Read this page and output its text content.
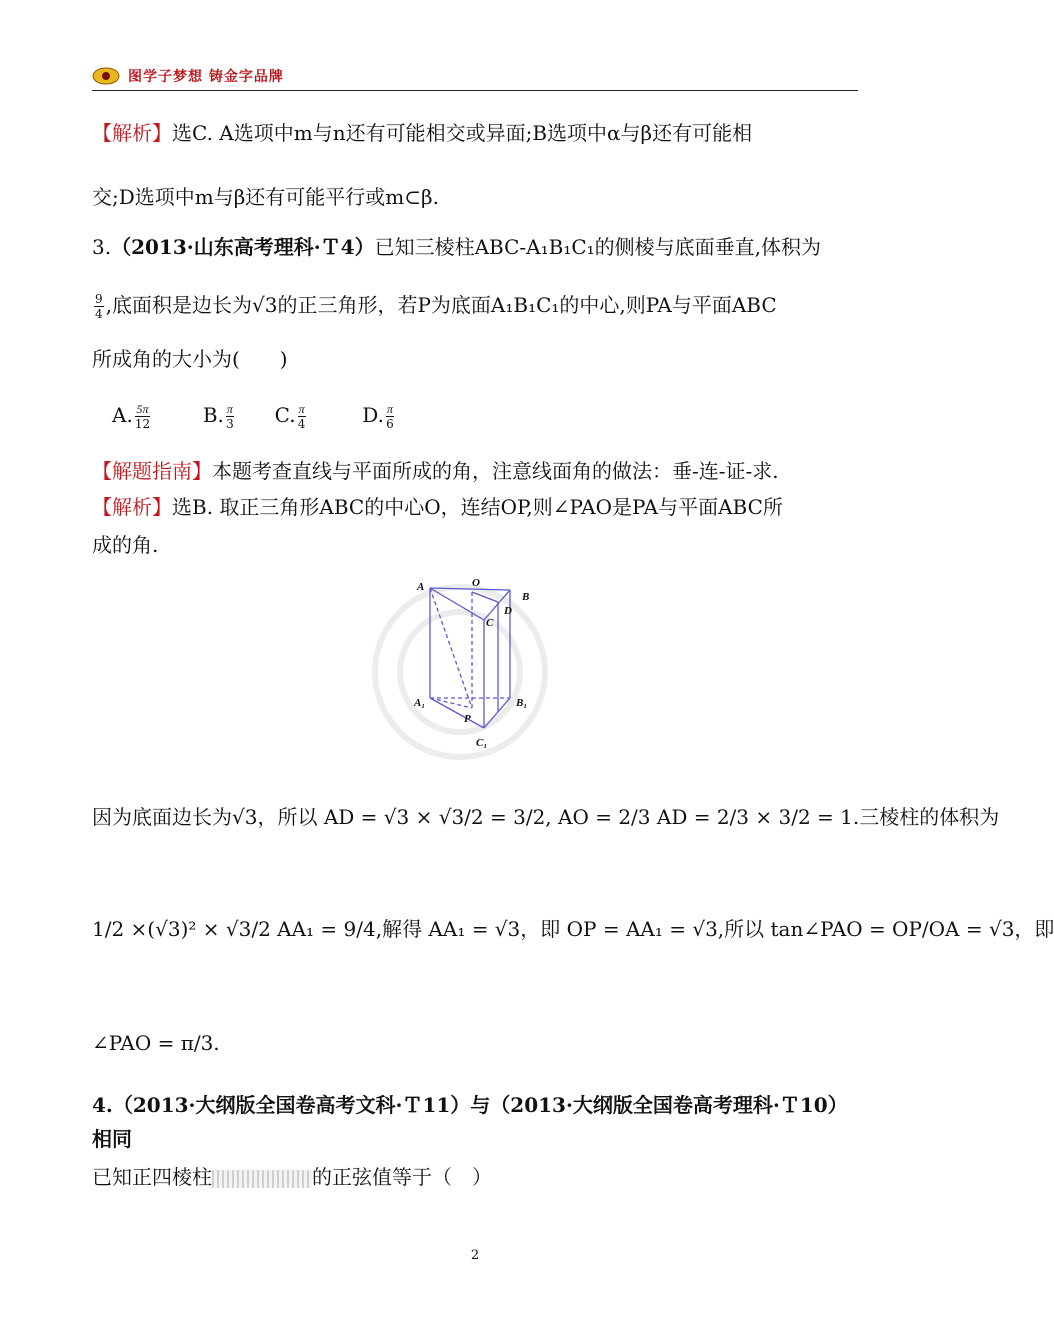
图学子梦想 铸金字品牌
【解析】选C. A选项中m与n还有可能相交或异面;B选项中α与β还有可能相
交;D选项中m与β还有可能平行或m⊂β.
3.（2013·山东高考理科·Ｔ4）已知三棱柱ABC-A₁B₁C₁的侧棱与底面垂直,体积为
$\frac{9}{4}$ ,底面积是边长为√3的正三角形，若P为底面A₁B₁C₁的中心,则PA与平面ABC
所成角的大小为(　　)
A. $\frac{5\pi}{12}$	B. $\frac{\pi}{3} C$. $\frac{\pi}{4}$	D. $\frac{\pi}{6}$
【解题指南】本题考查直线与平面所成的角，注意线面角的做法：垂-连-证-求.
【解析】选B. 取正三角形ABC的中心O，连结OP,则∠PAO是PA与平面ABC所
成的角.
A	O
B
D
C
A₁
P
B₁
C₁
因为底面边长为√3，所以 AD = √3 × √3/2 = 3/2, AO = 2/3 AD = 2/3 × 3/2 = 1.三棱柱的体积为
1/2 ×(√3)² × √3/2 AA₁ = 9/4,解得 AA₁ = √3，即 OP = AA₁ = √3,所以 tan∠PAO = OP/OA = √3，即
∠PAO = π/3.
4.（2013·大纲版全国卷高考文科·Ｔ11）与（2013·大纲版全国卷高考理科·Ｔ10）
相同
已知正四棱柱	的正弦值等于（　）
2
